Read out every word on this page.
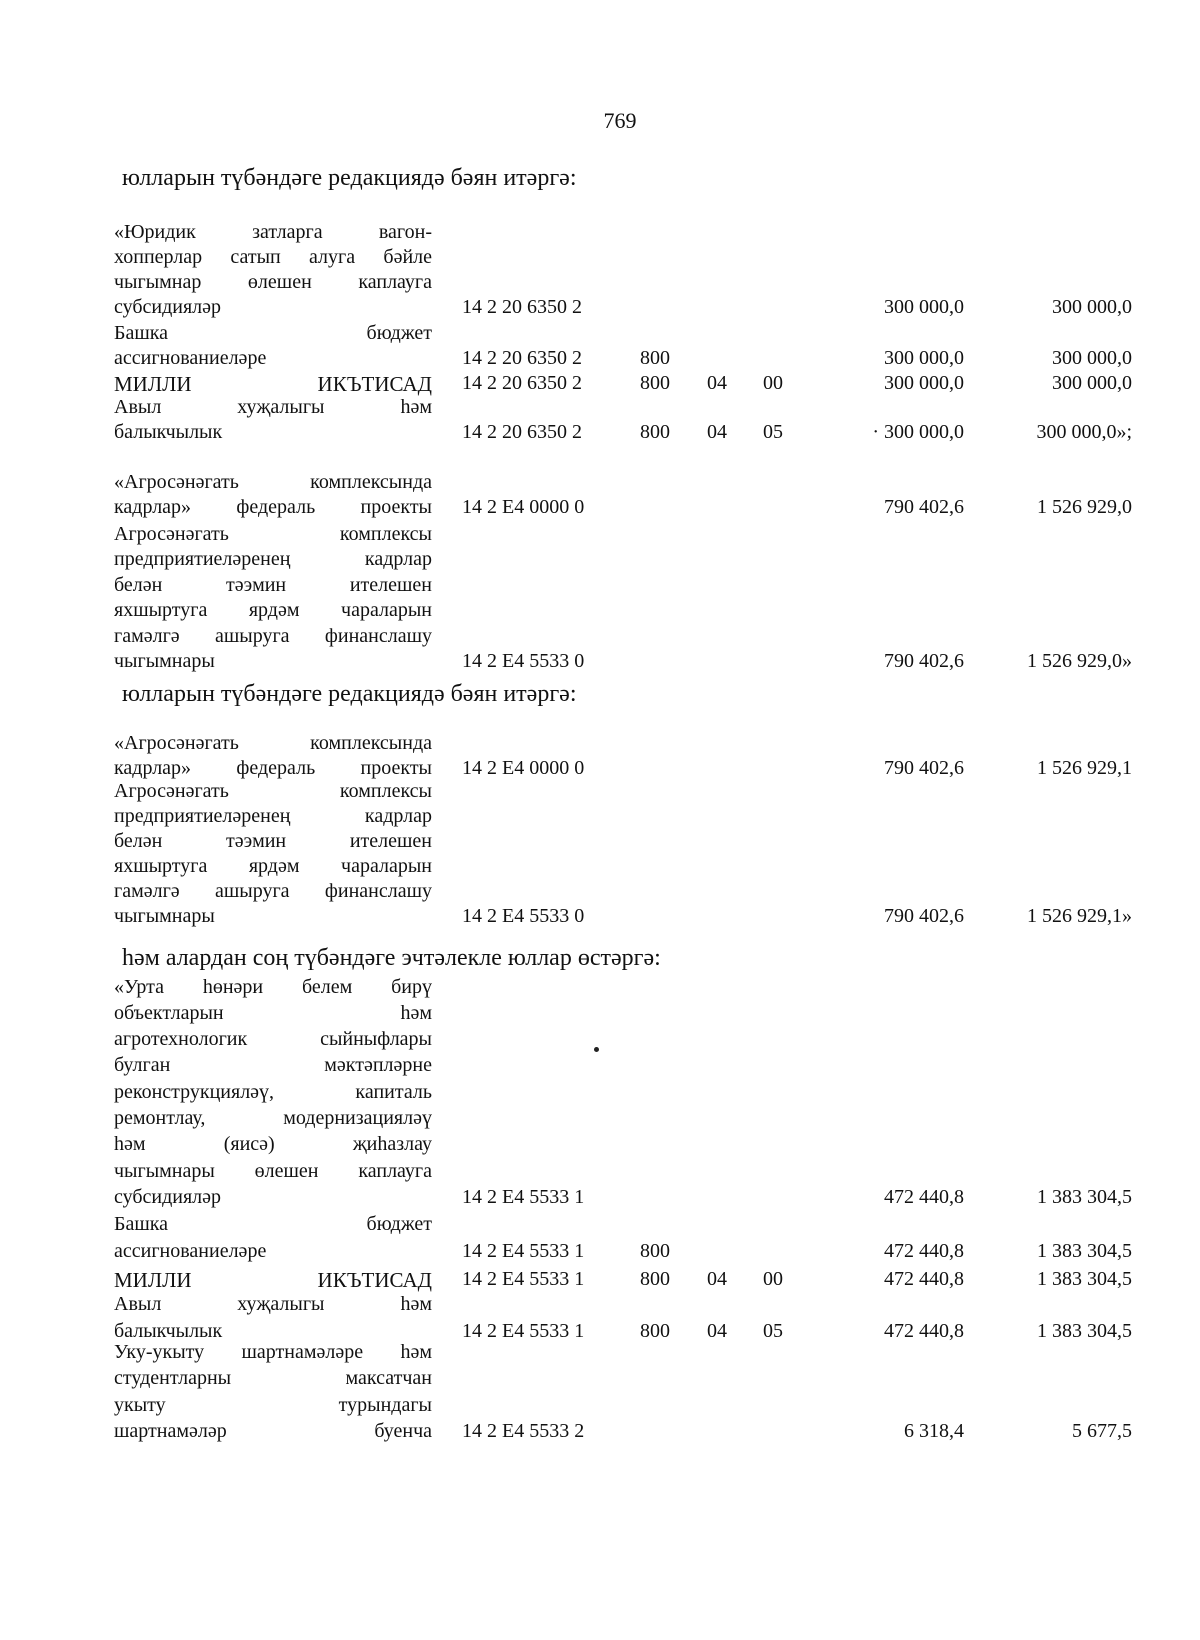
769
юлларын түбәндәге редакциядә бәян итәргә:
юлларын түбәндәге редакциядә бәян итәргә:
һәм алардан соң түбәндәге эчтәлекле юллар өстәргә:
«Юридик затларга вагон-
хопперлар сатып алуга бәйле
чыгымнар өлешен каплауга
субсидияләр	14 2 20 6350 2	300 000,0	300 000,0
Башка бюджет
ассигнованиеләре	14 2 20 6350 2	800	300 000,0	300 000,0
МИЛЛИ ИКЪТИСАД 14 2 20 6350 2	800 04 00	300 000,0	300 000,0
Авыл хуҗалыгы һәм
балыкчылык	14 2 20 6350 2	800 04 05	· 300 000,0	300 000,0»;
«Агросәнәгать комплексында
кадрлар» федераль проекты 14 2 Е4 0000 0	790 402,6	1 526 929,0
Агросәнәгать комплексы
предприятиеләренең кадрлар
белән тәэмин ителешен
яхшыртуга ярдәм чараларын
гамәлгә ашыруга финанслашу
чыгымнары	14 2 Е4 5533 0	790 402,6	1 526 929,0»
«Агросәнәгать комплексында
кадрлар» федераль проекты 14 2 Е4 0000 0	790 402,6	1 526 929,1
Агросәнәгать комплексы
предприятиеләренең кадрлар
белән тәэмин ителешен
яхшыртуга ярдәм чараларын
гамәлгә ашыруга финанслашу
чыгымнары	14 2 Е4 5533 0	790 402,6	1 526 929,1»
«Урта һөнәри белем бирү
объектларын һәм
агротехнологик сыйныфлары
булган мәктәпләрне
реконструкцияләү, капиталь
ремонтлау, модернизацияләү
һәм (яисә) җиһазлау
чыгымнары өлешен каплауга
субсидияләр	14 2 Е4 5533 1	472 440,8	1 383 304,5
Башка бюджет
ассигнованиеләре	14 2 Е4 5533 1	800	472 440,8	1 383 304,5
МИЛЛИ ИКЪТИСАД 14 2 Е4 5533 1	800 04 00	472 440,8	1 383 304,5
Авыл хуҗалыгы һәм
балыкчылык	14 2 Е4 5533 1	800 04 05	472 440,8	1 383 304,5
Уку-укыту шартнамәләре һәм
студентларны максатчан
укыту турындагы
шартнамәләр буенча 14 2 Е4 5533 2	6 318,4	5 677,5
